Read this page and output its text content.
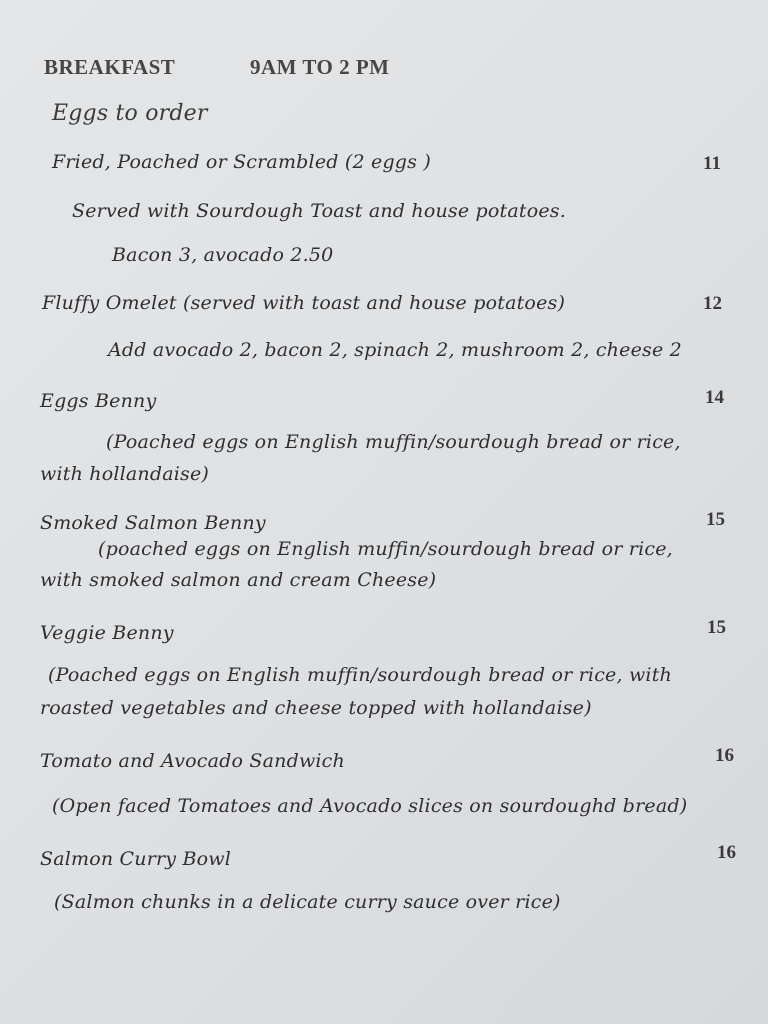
BREAKFAST	9AM TO 2 PM
Eggs to order
Fried, Poached or Scrambled (2 eggs )	11
Served with Sourdough Toast and house potatoes.
Bacon 3, avocado 2.50
Fluffy Omelet (served with toast and house potatoes)	12
Add avocado 2, bacon 2, spinach 2, mushroom 2, cheese 2
Eggs Benny	14
(Poached eggs on English muffin/sourdough bread or rice,
with hollandaise)
Smoked Salmon Benny	15
(poached eggs on English muffin/sourdough bread or rice,
with smoked salmon and cream Cheese)
Veggie Benny	15
(Poached eggs on English muffin/sourdough bread or rice, with
roasted vegetables and cheese topped with hollandaise)
Tomato and Avocado Sandwich	16
(Open faced Tomatoes and Avocado slices on sourdoughd bread)
Salmon Curry Bowl	16
(Salmon chunks in a delicate curry sauce over rice)
